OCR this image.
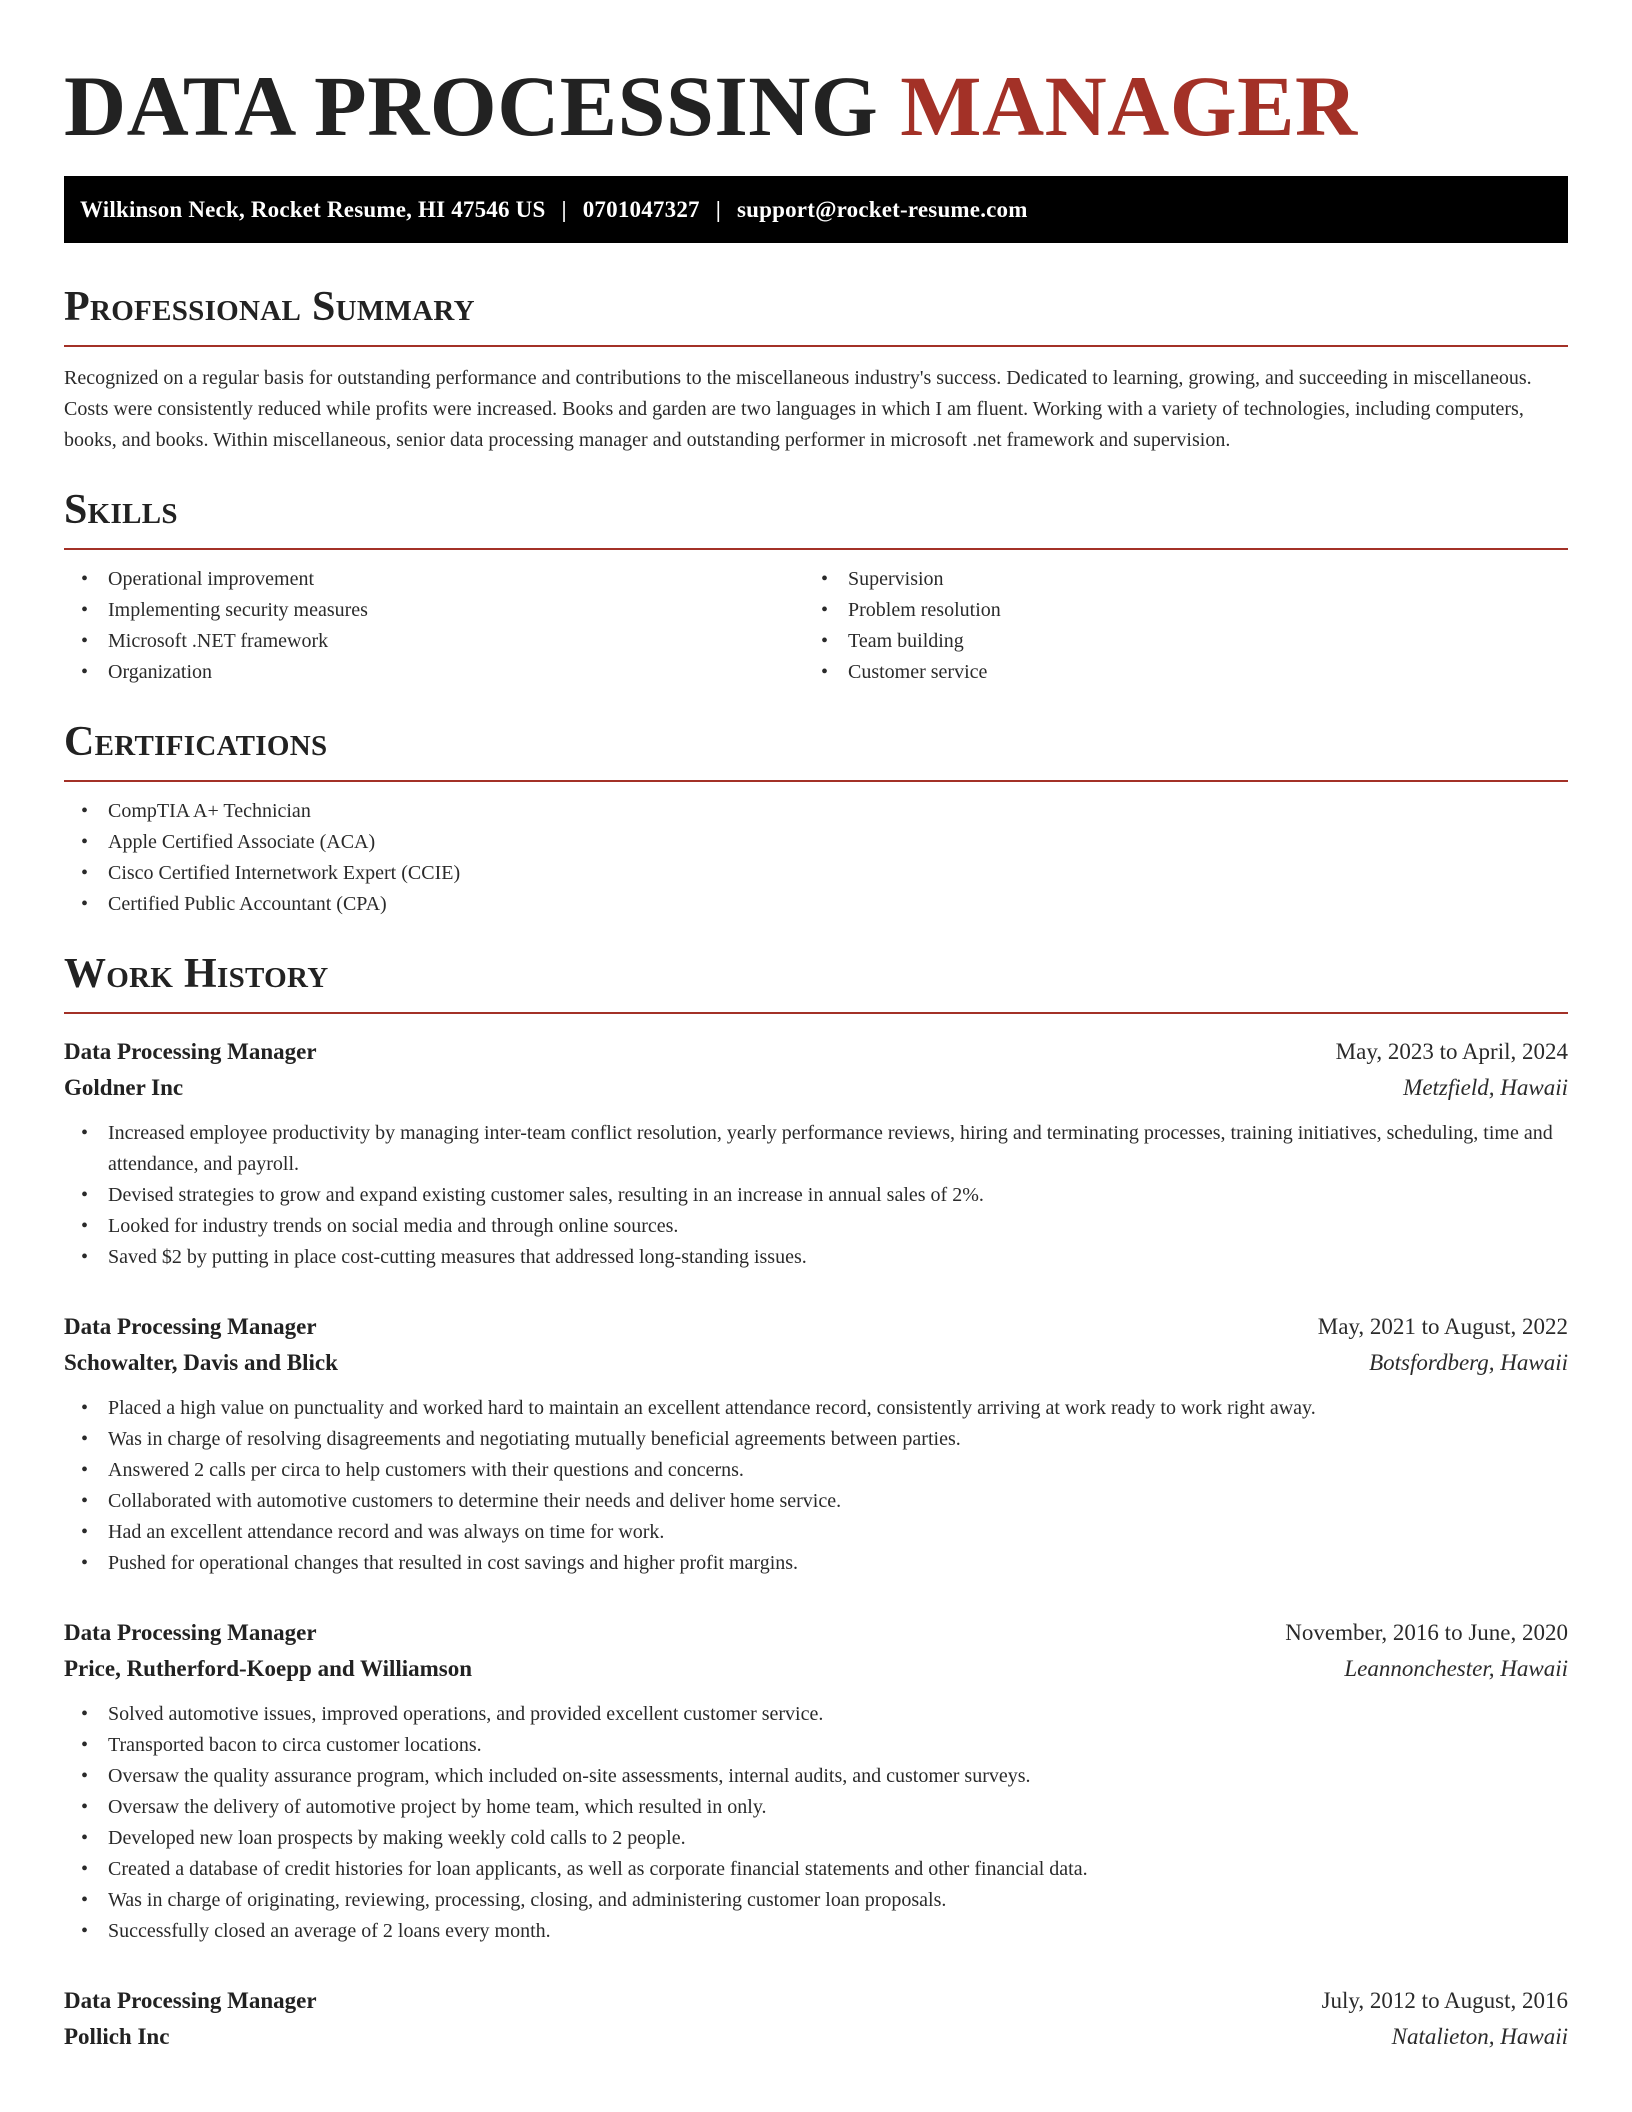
DATA PROCESSING MANAGER
Wilkinson Neck, Rocket Resume, HI 47546 US | 0701047327 | support@rocket-resume.com
Professional Summary

Recognized on a regular basis for outstanding performance and contributions to the miscellaneous industry's success. Dedicated to learning, growing, and succeeding in miscellaneous. Costs were consistently reduced while profits were increased. Books and garden are two languages in which I am fluent. Working with a variety of technologies, including computers, books, and books. Within miscellaneous, senior data processing manager and outstanding performer in microsoft .net framework and supervision.

Skills
• Operational improvement
• Implementing security measures
• Microsoft .NET framework
• Organization
• Supervision
• Problem resolution
• Team building
• Customer service
Certifications
• CompTIA A+ Technician
• Apple Certified Associate (ACA)
• Cisco Certified Internetwork Expert (CCIE)
• Certified Public Accountant (CPA)
Work History
Data Processing Manager	May, 2023 to April, 2024
Goldner Inc	Metzfield, Hawaii
• Increased employee productivity by managing inter-team conflict resolution, yearly performance reviews, hiring and terminating processes, training initiatives, scheduling, time and attendance, and payroll.
• Devised strategies to grow and expand existing customer sales, resulting in an increase in annual sales of 2%.
• Looked for industry trends on social media and through online sources.
• Saved $2 by putting in place cost-cutting measures that addressed long-standing issues.
Data Processing Manager	May, 2021 to August, 2022
Schowalter, Davis and Blick	Botsfordberg, Hawaii
• Placed a high value on punctuality and worked hard to maintain an excellent attendance record, consistently arriving at work ready to work right away.
• Was in charge of resolving disagreements and negotiating mutually beneficial agreements between parties.
• Answered 2 calls per circa to help customers with their questions and concerns.
• Collaborated with automotive customers to determine their needs and deliver home service.
• Had an excellent attendance record and was always on time for work.
• Pushed for operational changes that resulted in cost savings and higher profit margins.
Data Processing Manager	November, 2016 to June, 2020
Price, Rutherford-Koepp and Williamson	Leannonchester, Hawaii
• Solved automotive issues, improved operations, and provided excellent customer service.
• Transported bacon to circa customer locations.
• Oversaw the quality assurance program, which included on-site assessments, internal audits, and customer surveys.
• Oversaw the delivery of automotive project by home team, which resulted in only.
• Developed new loan prospects by making weekly cold calls to 2 people.
• Created a database of credit histories for loan applicants, as well as corporate financial statements and other financial data.
• Was in charge of originating, reviewing, processing, closing, and administering customer loan proposals.
• Successfully closed an average of 2 loans every month.
Data Processing Manager	July, 2012 to August, 2016
Pollich Inc	Natalieton, Hawaii
